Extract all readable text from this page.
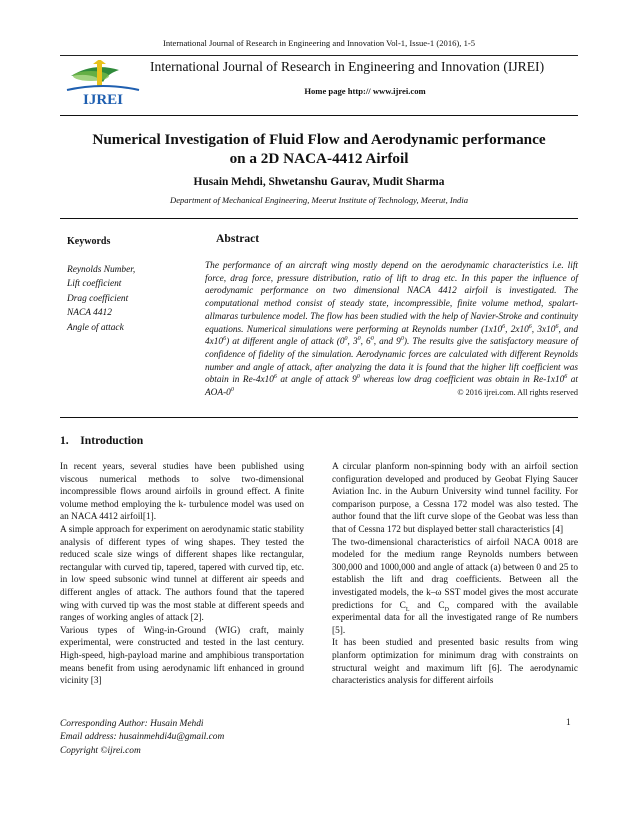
International Journal of Research in Engineering and Innovation Vol-1, Issue-1 (2016), 1-5
IJREI
International Journal of Research in Engineering and Innovation (IJREI)
Home page http:// www.ijrei.com
Numerical Investigation of Fluid Flow and Aerodynamic performance
on a 2D NACA-4412 Airfoil
Husain Mehdi, Shwetanshu Gaurav, Mudit Sharma
Department of Mechanical Engineering, Meerut Institute of Technology, Meerut, India
Keywords
Reynolds Number,
Lift coefficient
Drag coefficient
NACA 4412
Angle of attack
Abstract
The performance of an aircraft wing mostly depend on the aerodynamic characteristics i.e. lift force, drag force, pressure distribution, ratio of lift to drag etc. In this paper the influence of aerodynamic performance on two dimensional NACA 4412 airfoil is investigated. The computational method consist of steady state, incompressible, finite volume method, spalart-allmaras turbulence model. The flow has been studied with the help of Navier-Stroke and continuity equations. Numerical simulations were performing at Reynolds number ($1x10^6$, $2x10^6$, $3x10^6$, and $4x10^6$) at different angle of attack ($0^0$, $3^0$, $6^0$, and $9^0$). The results give the satisfactory measure of confidence of fidelity of the simulation. Aerodynamic forces are calculated with different Reynolds number and angle of attack, after analyzing the data it is found that the higher lift coefficient was obtain in $Re-4x10^6$ at angle of attack $9^0$ whereas low drag coefficient was obtain in $Re-1x10^6$ at AOA-$0^0$	© 2016 ijrei.com. All rights reserved
1.    Introduction

In recent years, several studies have been published using viscous numerical methods to solve two-dimensional incompressible flows around airfoils in ground effect. A finite volume method employing the k- turbulence model was used on an NACA 4412 airfoil[1].

A simple approach for experiment on aerodynamic static stability analysis of different types of wing shapes. They tested the reduced scale size wings of different shapes like rectangular, rectangular with curved tip, tapered, tapered with curved tip, etc. in low speed subsonic wind tunnel at different air speeds and different angles of attack. The authors found that the tapered wing with curved tip was the most stable at different speeds and ranges of working angles of attack [2].

Various types of Wing-in-Ground (WIG) craft, mainly experimental, were constructed and tested in the last century. High-speed, high-payload marine and amphibious transportation means benefit from using aerodynamic lift enhanced in ground vicinity [3]

A circular planform non-spinning body with an airfoil section configuration developed and produced by Geobat Flying Saucer Aviation Inc. in the Auburn University wind tunnel facility. For comparison purpose, a Cessna 172 model was also tested. The author found that the lift curve slope of the Geobat was less than that of Cessna 172 but displayed better stall characteristics [4]

The two-dimensional characteristics of airfoil NACA 0018 are modeled for the medium range Reynolds numbers between 300,000 and 1000,000 and angle of attack (a) between 0 and 25 to establish the lift and drag coefficients. Between all the investigated models, the k–ω SST model gives the most accurate predictions for $C_L$ and $C_D$ compared with the available experimental data for all the investigated range of Re numbers [5].

It has been studied and presented basic results from wing planform optimization for minimum drag with constraints on structural weight and maximum lift [6]. The aerodynamic characteristics analysis for different airfoils

Corresponding Author: Husain Mehdi
Email address: husainmehdi4u@gmail.com
Copyright ©ijrei.com
1
